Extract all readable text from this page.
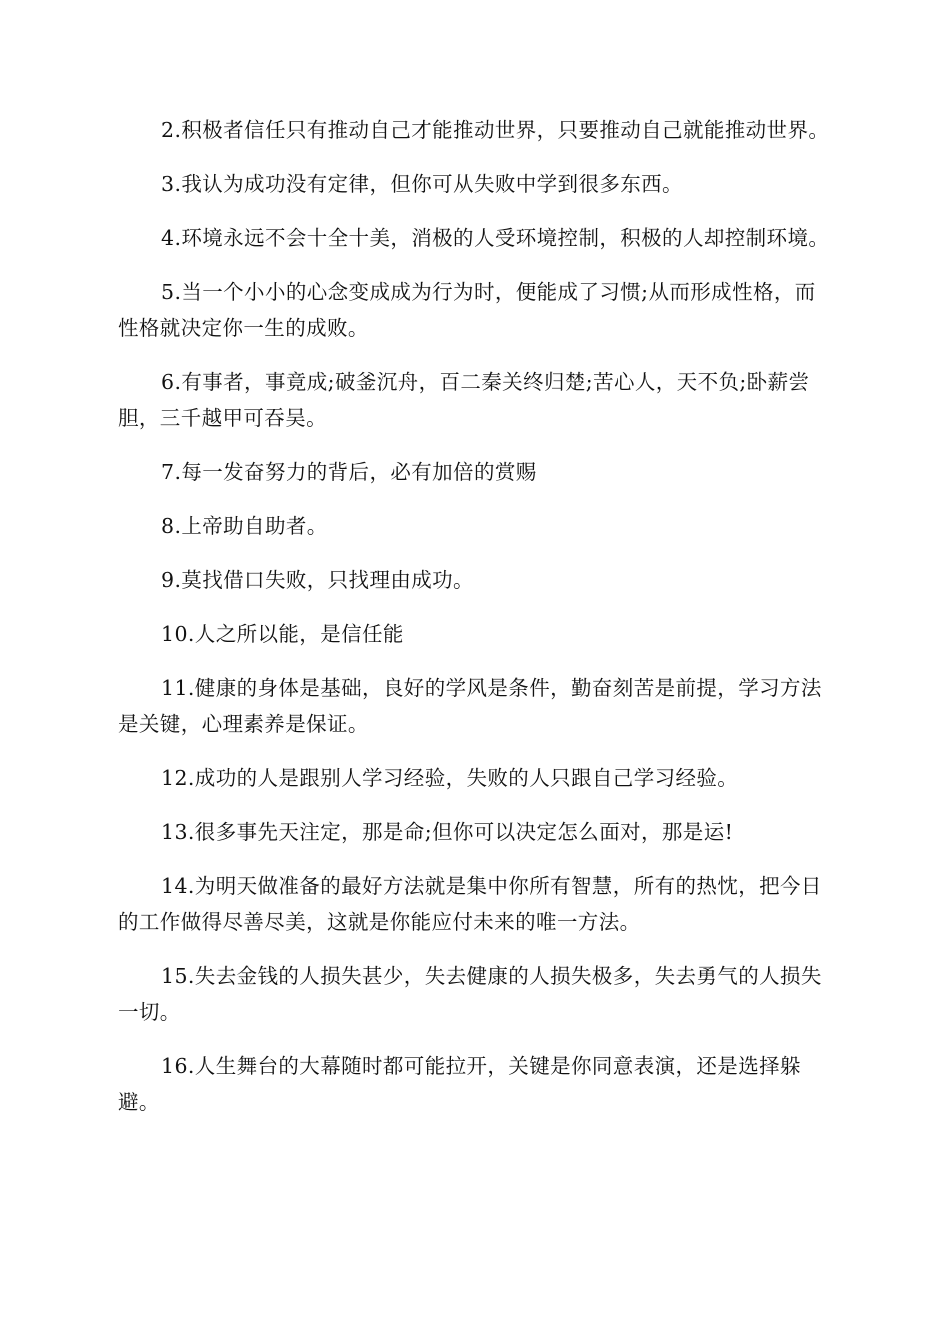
2.积极者信任只有推动自己才能推动世界，只要推动自己就能推动世界。

3.我认为成功没有定律，但你可从失败中学到很多东西。

4.环境永远不会十全十美，消极的人受环境控制，积极的人却控制环境。

5.当一个小小的心念变成成为行为时，便能成了习惯;从而形成性格，而性格就决定你一生的成败。

6.有事者，事竟成;破釜沉舟，百二秦关终归楚;苦心人，天不负;卧薪尝胆，三千越甲可吞吴。

7.每一发奋努力的背后，必有加倍的赏赐

8.上帝助自助者。

9.莫找借口失败，只找理由成功。

10.人之所以能，是信任能

11.健康的身体是基础，良好的学风是条件，勤奋刻苦是前提，学习方法是关键，心理素养是保证。

12.成功的人是跟别人学习经验，失败的人只跟自己学习经验。

13.很多事先天注定，那是命;但你可以决定怎么面对，那是运!

14.为明天做准备的最好方法就是集中你所有智慧，所有的热忱，把今日的工作做得尽善尽美，这就是你能应付未来的唯一方法。

15.失去金钱的人损失甚少，失去健康的人损失极多，失去勇气的人损失一切。

16.人生舞台的大幕随时都可能拉开，关键是你同意表演，还是选择躲避。
